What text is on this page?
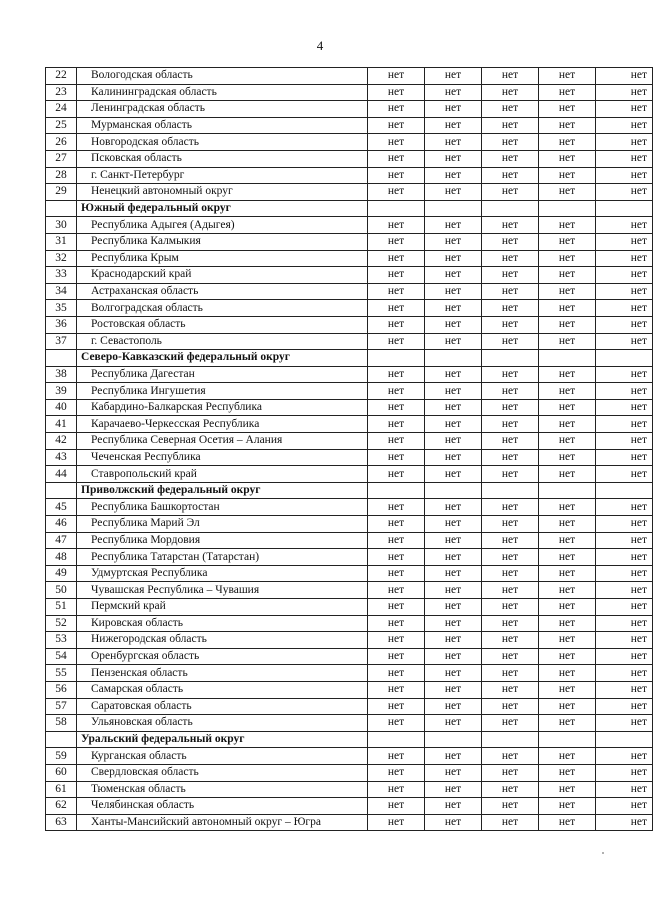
4
22	Вологодская область	нет	нет	нет	нет	нет
23	Калининградская область	нет	нет	нет	нет	нет
24	Ленинградская область	нет	нет	нет	нет	нет
25	Мурманская область	нет	нет	нет	нет	нет
26	Новгородская область	нет	нет	нет	нет	нет
27	Псковская область	нет	нет	нет	нет	нет
28	г. Санкт-Петербург	нет	нет	нет	нет	нет
29	Ненецкий автономный округ	нет	нет	нет	нет	нет
	Южный федеральный округ					
30	Республика Адыгея (Адыгея)	нет	нет	нет	нет	нет
31	Республика Калмыкия	нет	нет	нет	нет	нет
32	Республика Крым	нет	нет	нет	нет	нет
33	Краснодарский край	нет	нет	нет	нет	нет
34	Астраханская область	нет	нет	нет	нет	нет
35	Волгоградская область	нет	нет	нет	нет	нет
36	Ростовская область	нет	нет	нет	нет	нет
37	г. Севастополь	нет	нет	нет	нет	нет
	Северо-Кавказский федеральный округ					
38	Республика Дагестан	нет	нет	нет	нет	нет
39	Республика Ингушетия	нет	нет	нет	нет	нет
40	Кабардино-Балкарская Республика	нет	нет	нет	нет	нет
41	Карачаево-Черкесская Республика	нет	нет	нет	нет	нет
42	Республика Северная Осетия – Алания	нет	нет	нет	нет	нет
43	Чеченская Республика	нет	нет	нет	нет	нет
44	Ставропольский край	нет	нет	нет	нет	нет
	Приволжский федеральный округ					
45	Республика Башкортостан	нет	нет	нет	нет	нет
46	Республика Марий Эл	нет	нет	нет	нет	нет
47	Республика Мордовия	нет	нет	нет	нет	нет
48	Республика Татарстан (Татарстан)	нет	нет	нет	нет	нет
49	Удмуртская Республика	нет	нет	нет	нет	нет
50	Чувашская Республика – Чувашия	нет	нет	нет	нет	нет
51	Пермский край	нет	нет	нет	нет	нет
52	Кировская область	нет	нет	нет	нет	нет
53	Нижегородская область	нет	нет	нет	нет	нет
54	Оренбургская область	нет	нет	нет	нет	нет
55	Пензенская область	нет	нет	нет	нет	нет
56	Самарская область	нет	нет	нет	нет	нет
57	Саратовская область	нет	нет	нет	нет	нет
58	Ульяновская область	нет	нет	нет	нет	нет
	Уральский федеральный округ					
59	Курганская область	нет	нет	нет	нет	нет
60	Свердловская область	нет	нет	нет	нет	нет
61	Тюменская область	нет	нет	нет	нет	нет
62	Челябинская область	нет	нет	нет	нет	нет
63	Ханты-Мансийский автономный округ – Югра	нет	нет	нет	нет	нет
